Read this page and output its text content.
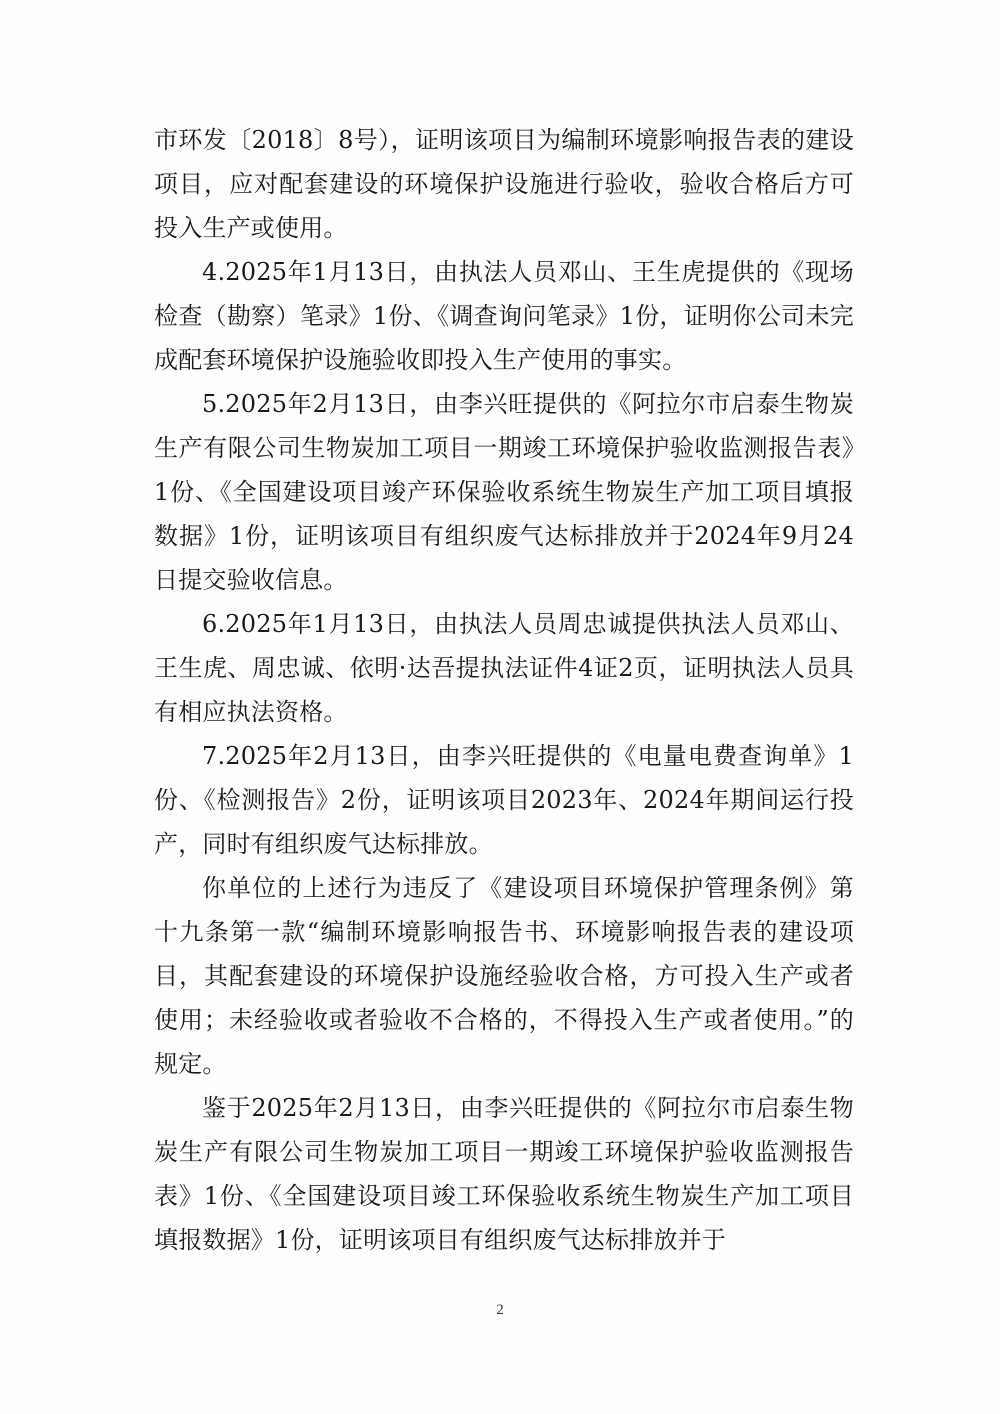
市环发〔2018〕8号），证明该项目为编制环境影响报告表的建设项目，应对配套建设的环境保护设施进行验收，验收合格后方可投入生产或使用。

4.2025年1月13日，由执法人员邓山、王生虎提供的《现场检查（勘察）笔录》1份、《调查询问笔录》1份，证明你公司未完成配套环境保护设施验收即投入生产使用的事实。

5.2025年2月13日，由李兴旺提供的《阿拉尔市启泰生物炭生产有限公司生物炭加工项目一期竣工环境保护验收监测报告表》1份、《全国建设项目竣产环保验收系统生物炭生产加工项目填报数据》1份，证明该项目有组织废气达标排放并于2024年9月24日提交验收信息。

6.2025年1月13日，由执法人员周忠诚提供执法人员邓山、王生虎、周忠诚、依明·达吾提执法证件4证2页，证明执法人员具有相应执法资格。

7.2025年2月13日，由李兴旺提供的《电量电费查询单》1份、《检测报告》2份，证明该项目2023年、2024年期间运行投产，同时有组织废气达标排放。

你单位的上述行为违反了《建设项目环境保护管理条例》第十九条第一款“编制环境影响报告书、环境影响报告表的建设项目，其配套建设的环境保护设施经验收合格，方可投入生产或者使用；未经验收或者验收不合格的，不得投入生产或者使用。”的规定。

鉴于2025年2月13日，由李兴旺提供的《阿拉尔市启泰生物炭生产有限公司生物炭加工项目一期竣工环境保护验收监测报告表》1份、《全国建设项目竣工环保验收系统生物炭生产加工项目填报数据》1份，证明该项目有组织废气达标排放并于

2
